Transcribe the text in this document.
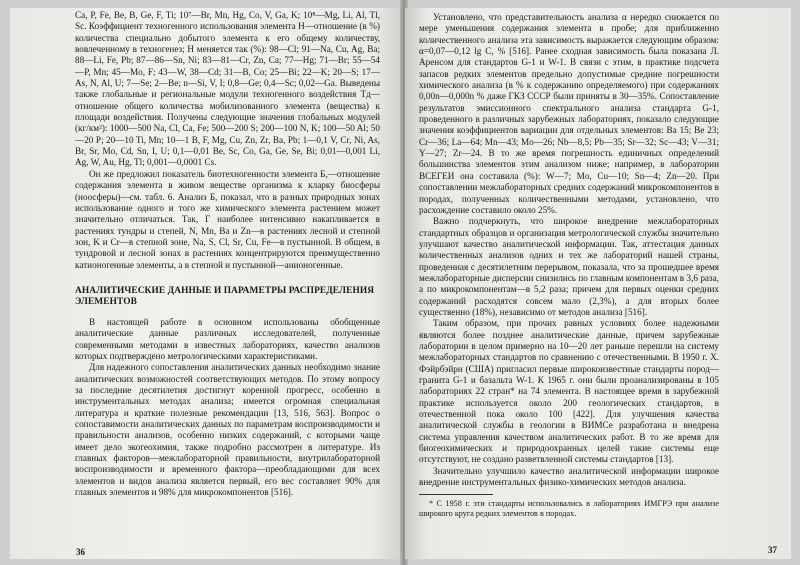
Ca, P, Fe, Be, B, Ge, F, Ti; 10⁷—Br, Mn, Hg, Co, V, Ga, K; 10⁸—Mg, Li, Al, Tl, Sc. Коэффициент техногенного использования элемента H—отношение (в %) количества специально добытого элемента к его общему количеству, вовлеченному в техногенез; H меняется так (%): 98—Cl; 91—Na, Cu, Ag, Ba; 88—Li, Fe, Pb; 87—86—Sn, Ni; 83—81—Cr, Zn, Ca; 77—Hg; 71—Br; 55—54—P, Mn; 45—Mo, F; 43—W, 38—Cd; 31—B, Co; 25—Bi; 22—K; 20—S; 17—As, N, Al, U; 7—Se; 2—Be; n—Si, V, I; 0,8—Ge; 0,4—Sc; 0,02—Ga. Выведены также глобальные и региональные модули техногенного воздействия Tд—отношение общего количества мобилизованного элемента (вещества) к площади воздействия. Получены следующие значения глобальных модулей (кг/км²): 1000—500 Na, Cl, Ca, Fe; 500—200 S; 200—100 N, K; 100—50 Al; 50—20 P; 20—10 Ti, Mn; 10—1 B, F, Mg, Cu, Zn, Zr, Ba, Pb; 1—0,1 V, Cr, Ni, As, Br, Sr, Mo, Cd, Sn, I, U; 0,1—0,01 Be, Sc, Co, Ga, Ge, Se, Bi; 0,01—0,001 Li, Ag, W, Au, Hg, Tl; 0,001—0,0001 Cs.

Он же предложил показатель биотехногенности элемента Б,—отношение содержания элемента в живом веществе организма к кларку биосферы (ноосферы)—см. табл. 6. Анализ Б, показал, что в разных природных зонах использование одного и того же химического элемента растением может значительно отличаться. Так, Г наиболее интенсивно накапливается в растениях тундры и степей, N, Mn, Ba и Zn—в растениях лесной и степной зон, K и Cr—в степной зоне, Na, S, Cl, Sr, Cu, Fe—в пустынной. В общем, в тундровой и лесной зонах в растениях концентрируются преимущественно катионогенные элементы, а в степной и пустынной—анионогенные.

АНАЛИТИЧЕСКИЕ ДАННЫЕ И ПАРАМЕТРЫ РАСПРЕДЕЛЕНИЯ ЭЛЕМЕНТОВ

В настоящей работе в основном использованы обобщенные аналитические данные различных исследователей, полученные современными методами в известных лабораториях, качество анализов которых подтверждено метрологическими характеристиками.

Для надежного сопоставления аналитических данных необходимо знание аналитических возможностей соответствующих методов. По этому вопросу за последние десятилетия достигнут коренной прогресс, особенно в инструментальных методах анализа; имеется огромная специальная литература и краткие полезные рекомендации [13, 516, 563]. Вопрос о сопоставимости аналитических данных по параметрам воспроизводимости и правильности анализов, особенно низких содержаний, с которыми чаще имеет дело экогеохимия, также подробно рассмотрен в литературе. Из главных факторов—межлабораторной правильности, внутрилабораторной воспроизводимости и временного фактора—преобладающими для всех элементов и видов анализа является первый, его вес составляет 90% для главных элементов и 98% для микрокомпонентов [516].

36

Установлено, что представительность анализа α нередко снижается по мере уменьшения содержания элемента в пробе; для приближенно количественного анализа эта зависимость выражается следующим образом: α=0,07—0,12 lg C, % [516]. Ранее сходная зависимость была показана Л. Аренсом для стандартов G-1 и W-1. В связи с этим, в практике подсчета запасов редких элементов предельно допустимые средние погрешности химического анализа (в % к содержанию определяемого) при содержаниях 0,00n—0,000n % даже ГКЗ СССР были приняты в 30—35%. Сопоставление результатов эмиссионного спектрального анализа стандарта G-1, проведенного в различных зарубежных лабораториях, показало следующие значения коэффициентов вариации для отдельных элементов: Ba 15; Be 23; Cr—36; La—64; Mn—43; Mo—26; Nb—8,5; Pb—35; Sr—32; Sc—43; V—31; Y—27; Zr—24. В то же время погрешность единичных определений большинства элементов этим анализом ниже; например, в лаборатории ВСЕГЕИ она составила (%): W—7; Mo, Cu—10; Sn—4; Zn—20. При сопоставлении межлабораторных средних содержаний микрокомпонентов в породах, полученных количественными методами, установлено, что расхождение составило около 25%.

Важно подчеркнуть, что широкое внедрение межлабораторных стандартных образцов и организация метрологической службы значительно улучшают качество аналитической информации. Так, аттестация данных количественных анализов одних и тех же лабораторий нашей страны, проведенная с десятилетним перерывом, показала, что за прошедшее время межлабораторные дисперсии снизились по главным компонентам в 3,6 раза, а по микрокомпонентам—в 5,2 раза; причем для первых оценки средних содержаний расходятся совсем мало (2,3%), а для вторых более существенно (18%), независимо от методов анализа [516].

Таким образом, при прочих равных условиях более надежными являются более позднее аналитические данные, причем зарубежные лаборатории в целом примерно на 10—20 лет раньше перешли на систему межлабораторных стандартов по сравнению с отечественными. В 1950 г. Х. Фэйрбэйрн (США) пригласил первые широкоизвестные стандарты пород—гранита G-1 и базальта W-1. К 1965 г. они были проанализированы в 105 лабораториях 22 стран* на 74 элемента. В настоящее время в зарубежной практике используется около 200 геологических стандартов, в отечественной пока около 100 [422]. Для улучшения качества аналитической службы в геологии в ВИМСе разработана и внедрена система управления качеством аналитических работ. В то же время для биогеохимических и природоохранных целей такие системы еще отсутствуют, не создано разветвленной системы стандартов [13].

Значительно улучшило качество аналитической информации широкое внедрение инструментальных физико-химических методов анализа.

* С 1958 г. эти стандарты использовались в лабораториях ИМГРЭ при анализе широкого круга редких элементов в породах.

37
